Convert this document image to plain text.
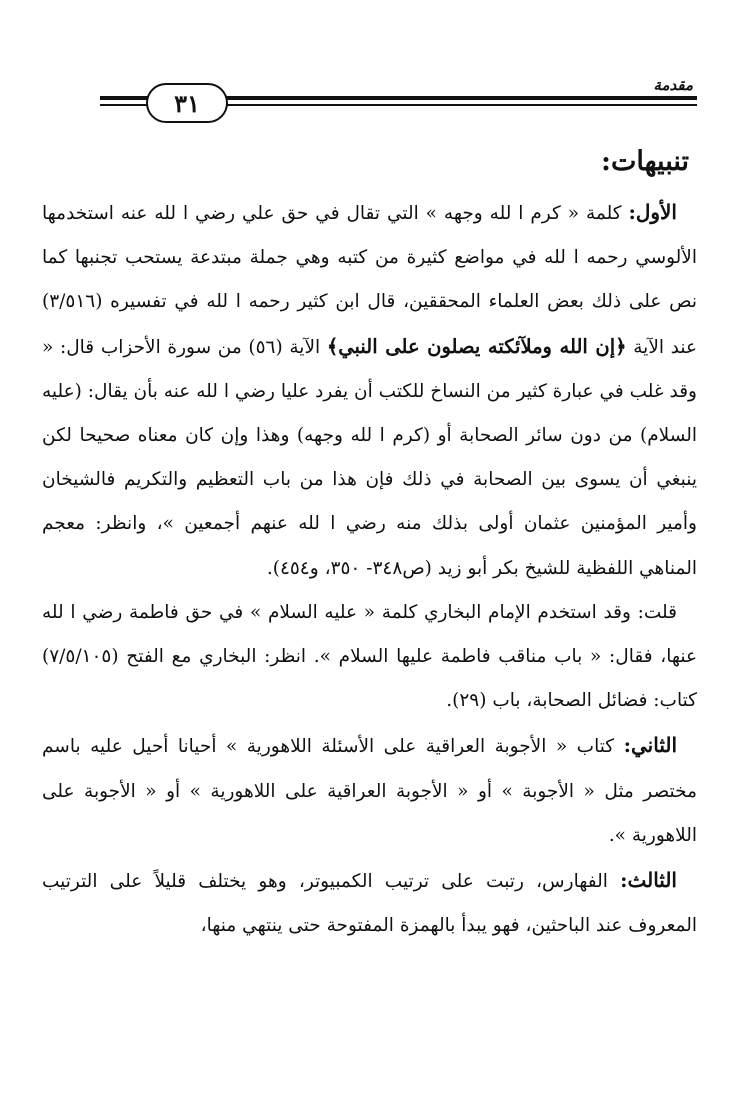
مقدمة
٣١
تنبيهات:

الأول: كلمة « كرم ا لله وجهه » التي تقال في حق علي رضي ا لله عنه استخدمها الألوسي رحمه ا لله في مواضع كثيرة من كتبه وهي جملة مبتدعة يستحب تجنبها كما نص على ذلك بعض العلماء المحققين، قال ابن كثير رحمه ا لله في تفسيره (٣/٥١٦) عند الآية ﴿إن الله وملآئكته يصلون على النبي﴾ الآية (٥٦) من سورة الأحزاب قال: « وقد غلب في عبارة كثير من النساخ للكتب أن يفرد عليا رضي ا لله عنه بأن يقال: (عليه السلام) من دون سائر الصحابة أو (كرم ا لله وجهه) وهذا وإن كان معناه صحيحا لكن ينبغي أن يسوى بين الصحابة في ذلك فإن هذا من باب التعظيم والتكريم فالشيخان وأمير المؤمنين عثمان أولى بذلك منه رضي ا لله عنهم أجمعين »، وانظر: معجم المناهي اللفظية للشيخ بكر أبو زيد (ص٣٤٨- ٣٥٠، و٤٥٤).

قلت: وقد استخدم الإمام البخاري كلمة « عليه السلام » في حق فاطمة رضي ا لله عنها، فقال: « باب مناقب فاطمة عليها السلام ». انظر: البخاري مع الفتح (٧/٥/١٠٥) كتاب: فضائل الصحابة، باب (٢٩).

الثاني: كتاب « الأجوبة العراقية على الأسئلة اللاهورية » أحيانا أحيل عليه باسم مختصر مثل « الأجوبة » أو « الأجوبة العراقية على اللاهورية » أو « الأجوبة على اللاهورية ».

الثالث: الفهارس، رتبت على ترتيب الكمبيوتر، وهو يختلف قليلاً على الترتيب المعروف عند الباحثين، فهو يبدأ بالهمزة المفتوحة حتى ينتهي منها،
